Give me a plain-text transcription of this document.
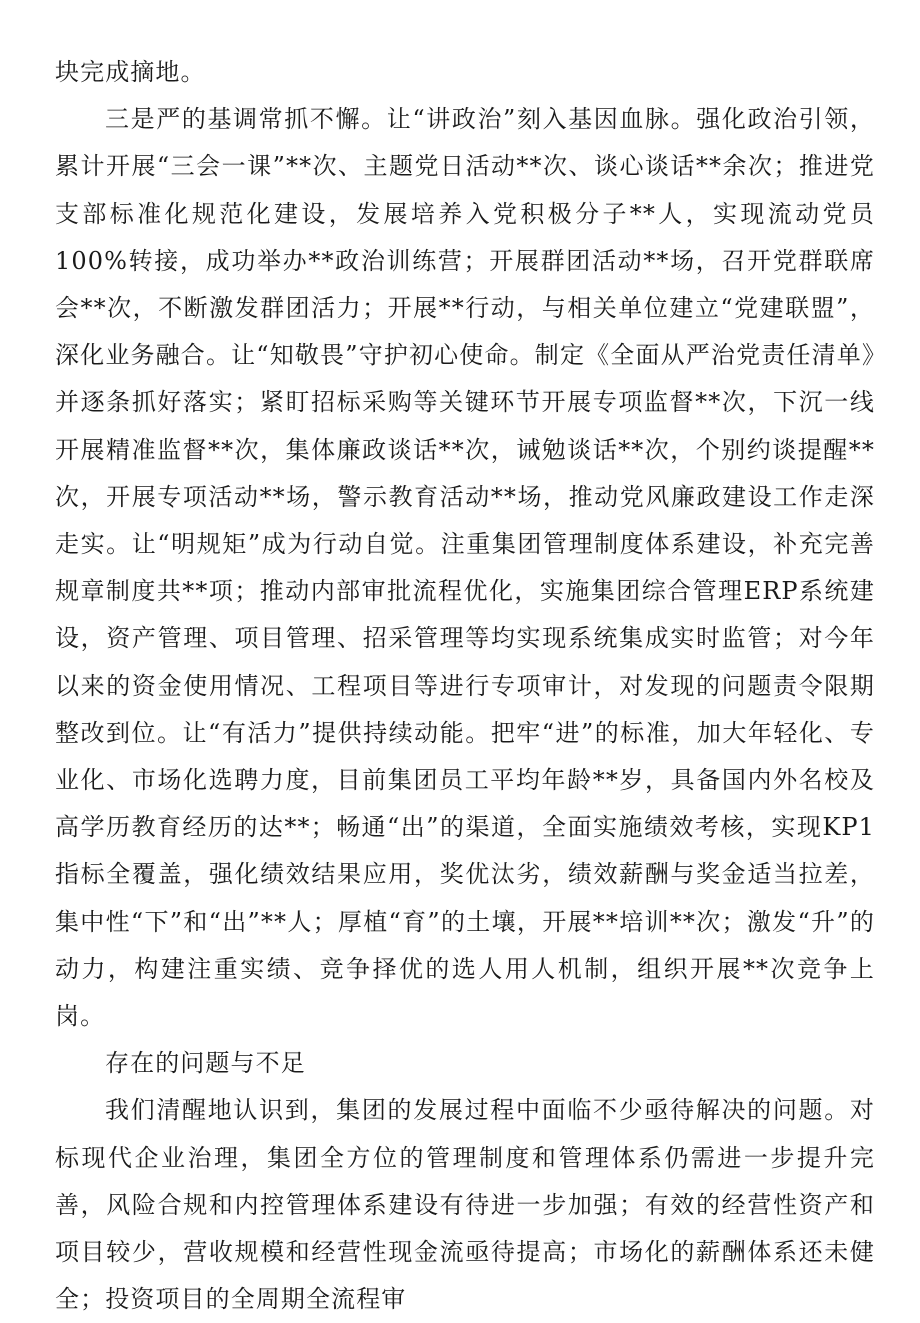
块完成摘地。

三是严的基调常抓不懈。让“讲政治”刻入基因血脉。强化政治引领，累计开展“三会一课”**次、主题党日活动**次、谈心谈话**余次；推进党支部标准化规范化建设，发展培养入党积极分子**人，实现流动党员100%转接，成功举办**政治训练营；开展群团活动**场，召开党群联席会**次，不断激发群团活力；开展**行动，与相关单位建立“党建联盟”，深化业务融合。让“知敬畏”守护初心使命。制定《全面从严治党责任清单》并逐条抓好落实；紧盯招标采购等关键环节开展专项监督**次，下沉一线开展精准监督**次，集体廉政谈话**次，诫勉谈话**次，个别约谈提醒**次，开展专项活动**场，警示教育活动**场，推动党风廉政建设工作走深走实。让“明规矩”成为行动自觉。注重集团管理制度体系建设，补充完善规章制度共**项；推动内部审批流程优化，实施集团综合管理ERP系统建设，资产管理、项目管理、招采管理等均实现系统集成实时监管；对今年以来的资金使用情况、工程项目等进行专项审计，对发现的问题责令限期整改到位。让“有活力”提供持续动能。把牢“进”的标准，加大年轻化、专业化、市场化选聘力度，目前集团员工平均年龄**岁，具备国内外名校及高学历教育经历的达**；畅通“出”的渠道，全面实施绩效考核，实现KP1指标全覆盖，强化绩效结果应用，奖优汰劣，绩效薪酬与奖金适当拉差，集中性“下”和“出”**人；厚植“育”的土壤，开展**培训**次；激发“升”的动力，构建注重实绩、竞争择优的选人用人机制，组织开展**次竞争上岗。

存在的问题与不足

我们清醒地认识到，集团的发展过程中面临不少亟待解决的问题。对标现代企业治理，集团全方位的管理制度和管理体系仍需进一步提升完善，风险合规和内控管理体系建设有待进一步加强；有效的经营性资产和项目较少，营收规模和经营性现金流亟待提高；市场化的薪酬体系还未健全；投资项目的全周期全流程审
